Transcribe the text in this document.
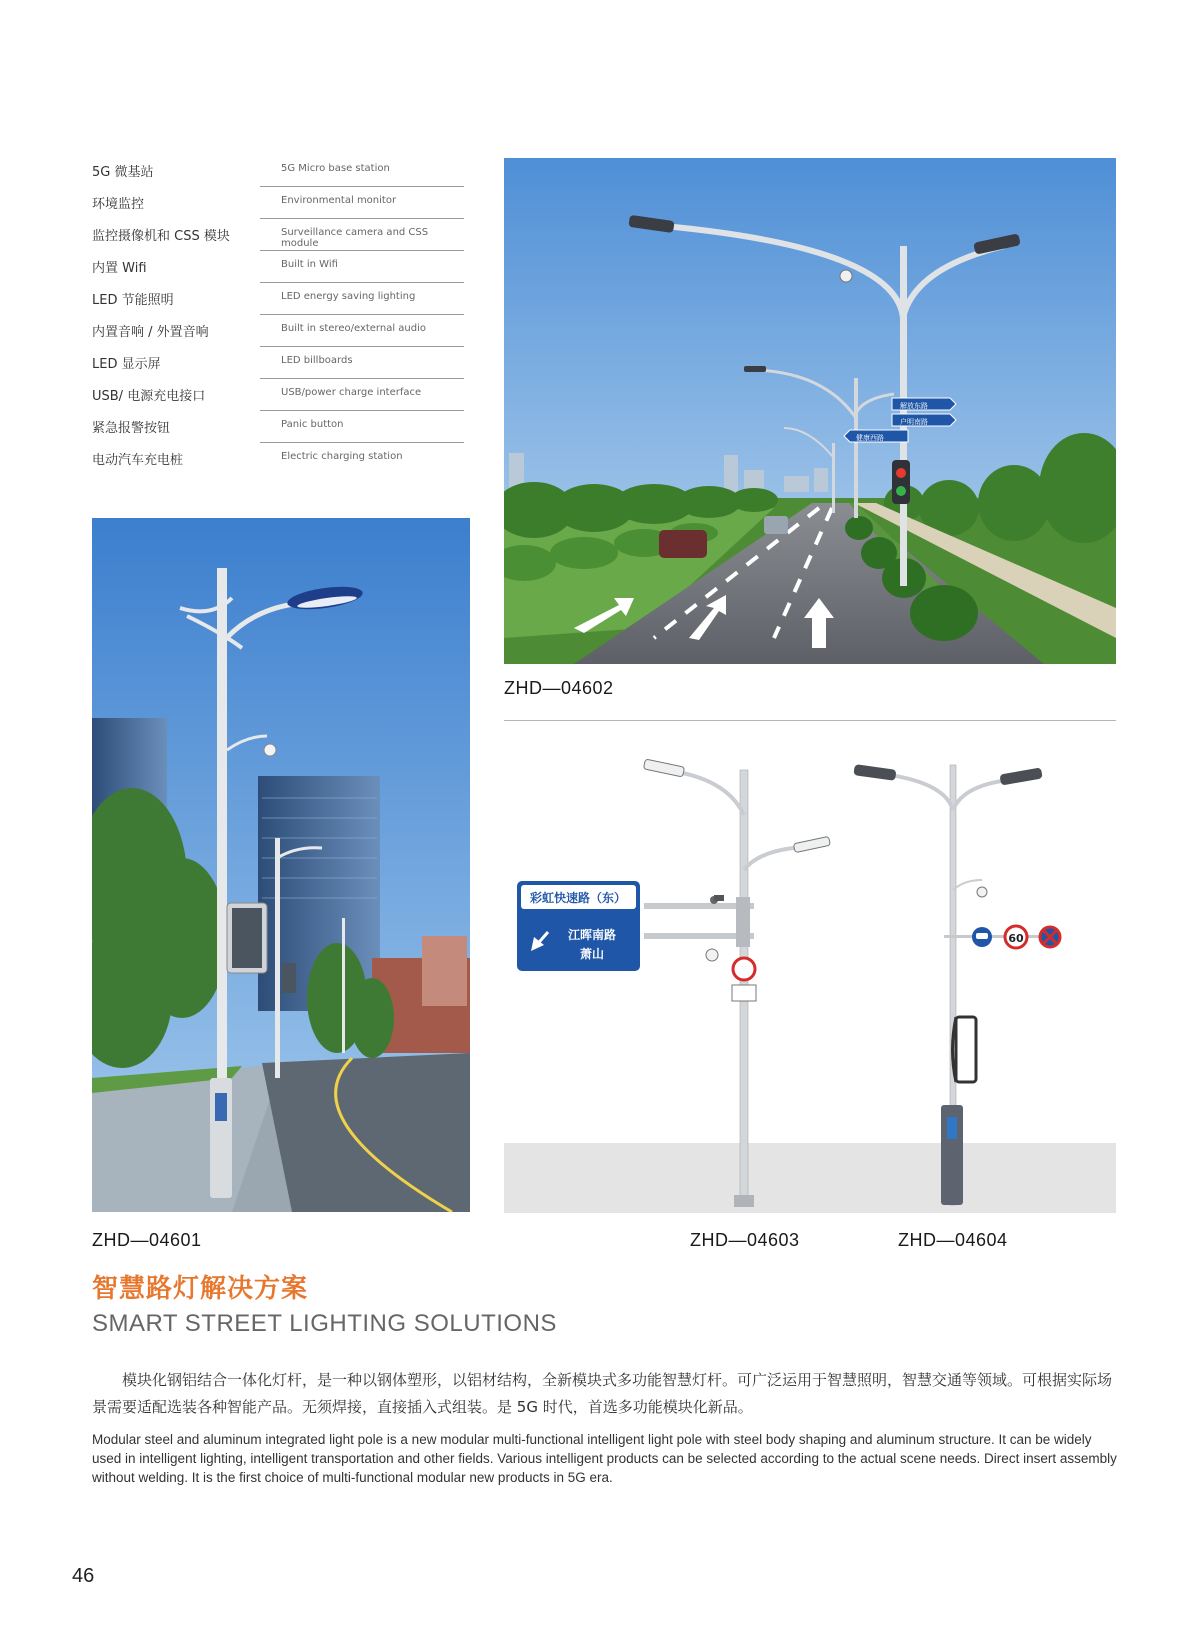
5G 微基站	5G Micro base station
环境监控	Environmental monitor
监控摄像机和 CSS 模块	Surveillance camera and CSS module
内置 Wifi	Built in Wifi
LED 节能照明	LED energy saving lighting
内置音响 / 外置音响	Built in stereo/external audio
LED 显示屏	LED billboards
USB/ 电源充电接口	USB/power charge interface
紧急报警按钮	Panic button
电动汽车充电桩	Electric charging station
解放东路
户明南路
健康西路
ZHD—04602
ZHD—04601
彩虹快速路（东）
江晖南路
萧山
60
ZHD—04603	ZHD—04604
智慧路灯解决方案
SMART STREET LIGHTING SOLUTIONS
模块化钢铝结合一体化灯杆，是一种以钢体塑形，以铝材结构，全新模块式多功能智慧灯杆。可广泛运用于智慧照明，智慧交通等领域。可根据实际场景需要适配选装各种智能产品。无须焊接，直接插入式组装。是 5G 时代，首选多功能模块化新品。
Modular steel and aluminum integrated light pole is a new modular multi-functional intelligent light pole with steel body shaping and aluminum structure. It can be widely used in intelligent lighting, intelligent transportation and other fields. Various intelligent products can be selected according to the actual scene needs. Direct insert assembly without welding. It is the first choice of multi-functional modular new products in 5G era.
46
